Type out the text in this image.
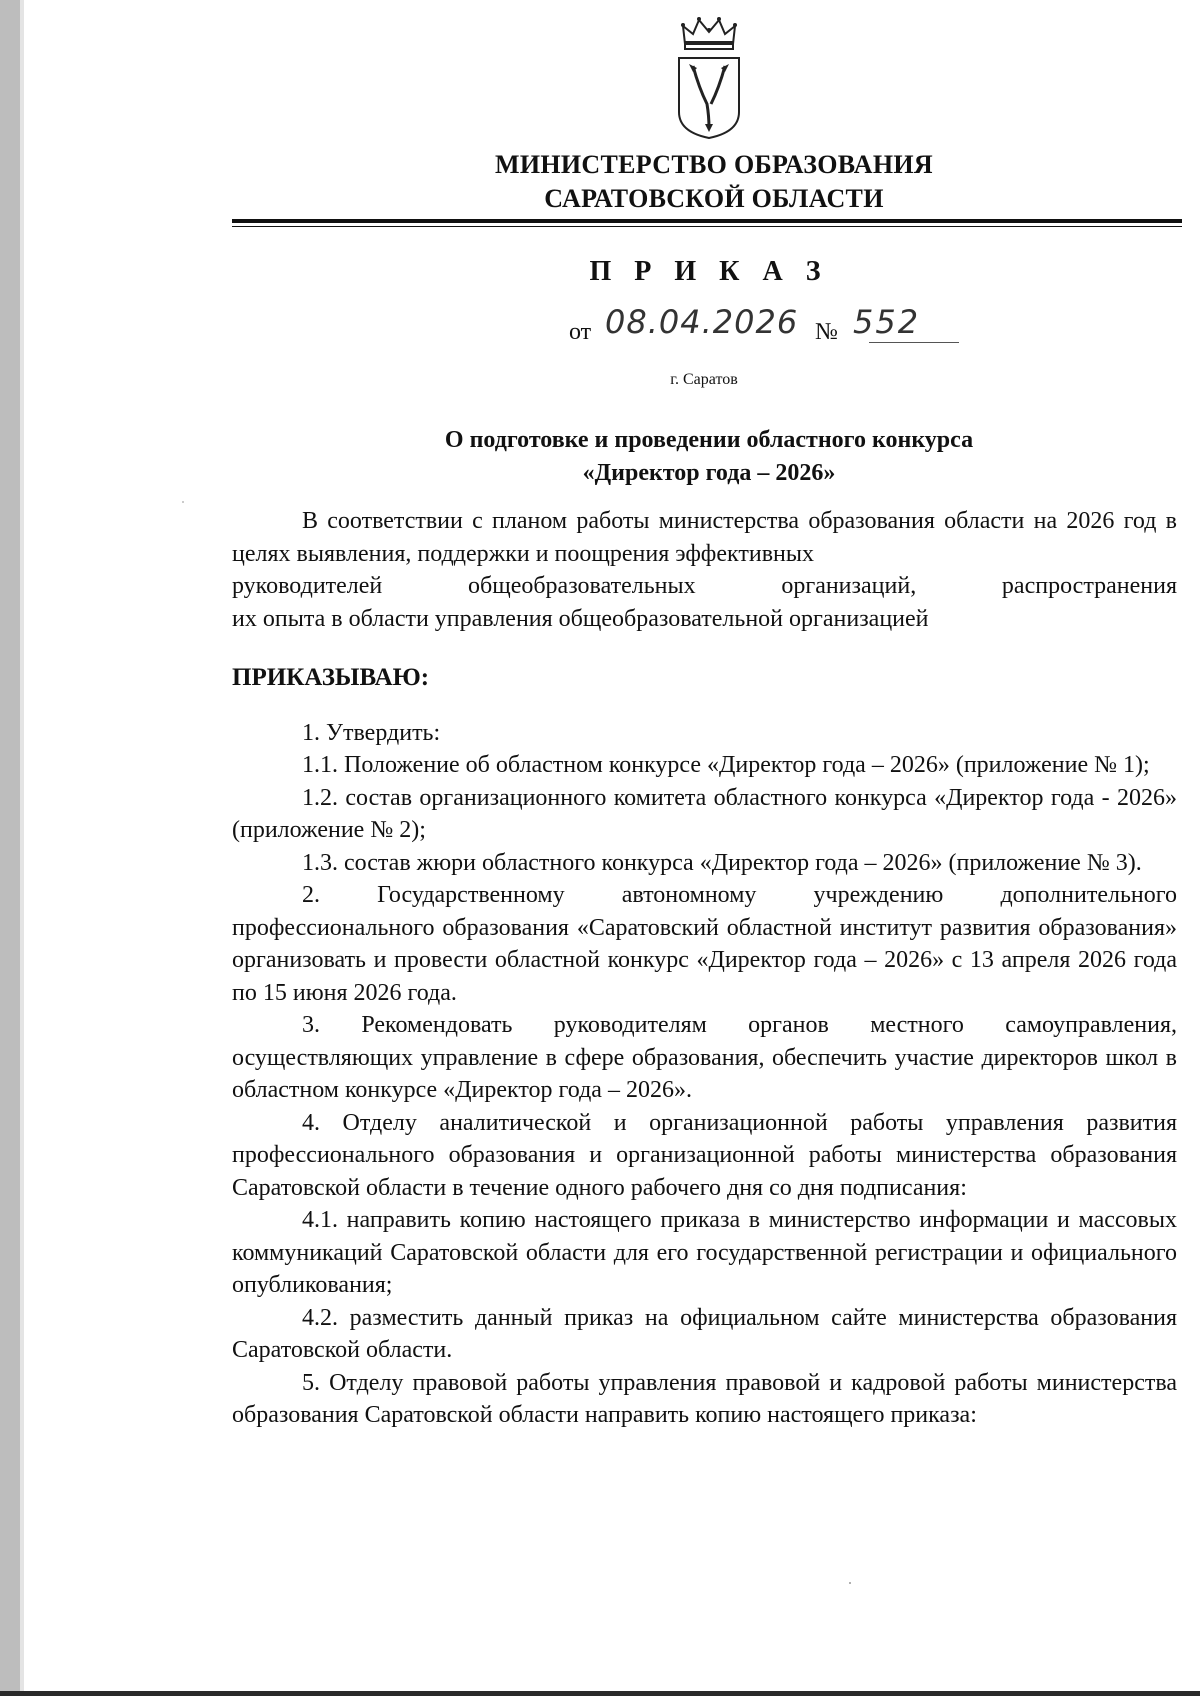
МИНИСТЕРСТВО ОБРАЗОВАНИЯ
САРАТОВСКОЙ ОБЛАСТИ
П Р И К А З
от 08.04.2026 № 552
г. Саратов
О подготовке и проведении областного конкурса
«Директор года – 2026»

В соответствии с планом работы министерства образования области на 2026 год в целях выявления, поддержки и поощрения эффективных

руководителей	общеобразовательных	организаций,	распространения

их опыта в области управления общеобразовательной организацией

ПРИКАЗЫВАЮ:

1. Утвердить:

1.1. Положение об областном конкурсе «Директор года – 2026» (приложение № 1);

1.2. состав организационного комитета областного конкурса «Директор года - 2026» (приложение № 2);

1.3. состав жюри областного конкурса «Директор года – 2026» (приложение № 3).

2. Государственному автономному учреждению дополнительного профессионального образования «Саратовский областной институт развития образования» организовать и провести областной конкурс «Директор года – 2026» с 13 апреля 2026 года по 15 июня 2026 года.

3. Рекомендовать руководителям органов местного самоуправления, осуществляющих управление в сфере образования, обеспечить участие директоров школ в областном конкурсе «Директор года – 2026».

4. Отделу аналитической и организационной работы управления развития профессионального образования и организационной работы министерства образования Саратовской области в течение одного рабочего дня со дня подписания:

4.1. направить копию настоящего приказа в министерство информации и массовых коммуникаций Саратовской области для его государственной регистрации и официального опубликования;

4.2. разместить данный приказ на официальном сайте министерства образования Саратовской области.

5. Отделу правовой работы управления правовой и кадровой работы министерства образования Саратовской области направить копию настоящего приказа:
